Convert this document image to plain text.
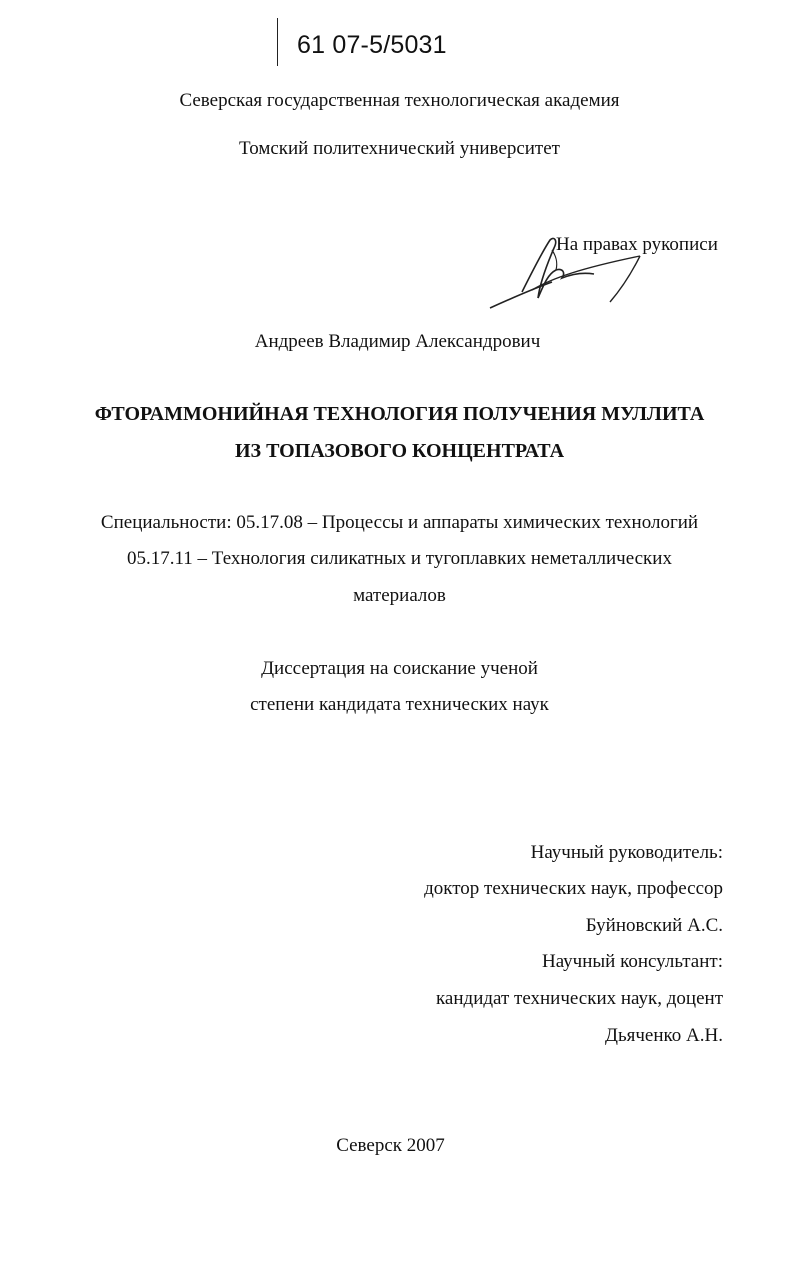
61 07-5/5031
Северская государственная технологическая академия
Томский политехнический университет
На правах рукописи
Андреев Владимир Александрович
ФТОРАММОНИЙНАЯ ТЕХНОЛОГИЯ ПОЛУЧЕНИЯ МУЛЛИТА
ИЗ ТОПАЗОВОГО КОНЦЕНТРАТА
Специальности: 05.17.08 – Процессы и аппараты химических технологий
05.17.11 – Технология силикатных и тугоплавких неметаллических
материалов
Диссертация на соискание ученой
степени кандидата технических наук
Научный руководитель:
доктор технических наук, профессор
Буйновский А.С.
Научный консультант:
кандидат технических наук, доцент
Дьяченко А.Н.
Северск 2007
